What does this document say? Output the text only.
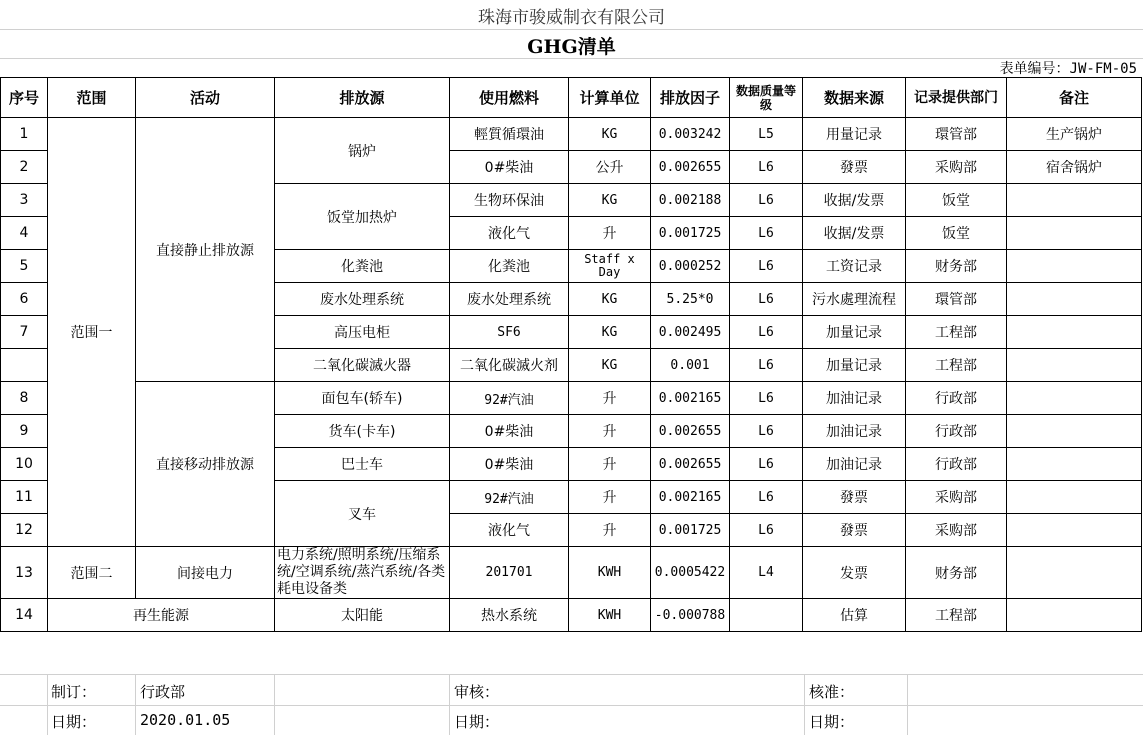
珠海市骏威制衣有限公司
GHG清单
表单编号：JW-FM-05
序号	范围	活动	排放源	使用燃料	计算单位	排放因子	数据质量等级	数据来源	记录提供部门	备注
1	范围一	直接静止排放源	锅炉	輕質循環油	KG	0.003242	L5	用量记录	環管部	生产锅炉
2				0#柴油	公升	0.002655	L6	發票	采购部	宿舍锅炉
3			饭堂加热炉	生物环保油	KG	0.002188	L6	收据/发票	饭堂	
4				液化气	升	0.001725	L6	收据/发票	饭堂	
5			化粪池	化粪池	Staff x Day	0.000252	L6	工资记录	财务部	
6			废水处理系统	废水处理系统	KG	5.25*0	L6	污水處理流程	環管部	
7			高压电柜	SF6	KG	0.002495	L6	加量记录	工程部	
			二氧化碳滅火器	二氧化碳滅火剂	KG	0.001	L6	加量记录	工程部	
8		直接移动排放源	面包车(轿车)	92#汽油	升	0.002165	L6	加油记录	行政部	
9			货车(卡车)	0#柴油	升	0.002655	L6	加油记录	行政部	
10			巴士车	0#柴油	升	0.002655	L6	加油记录	行政部	
11			叉车	92#汽油	升	0.002165	L6	發票	采购部	
12				液化气	升	0.001725	L6	發票	采购部	
13	范围二	间接电力	电力系统/照明系统/压缩系统/空调系统/蒸汽系统/各类耗电设备类	201701	KWH	0.0005422	L4	发票	财务部	
14	再生能源		太阳能	热水系统	KWH	-0.000788		估算	工程部	
制订：	行政部	审核：	核准：
日期：	2020.01.05	日期：	日期：
